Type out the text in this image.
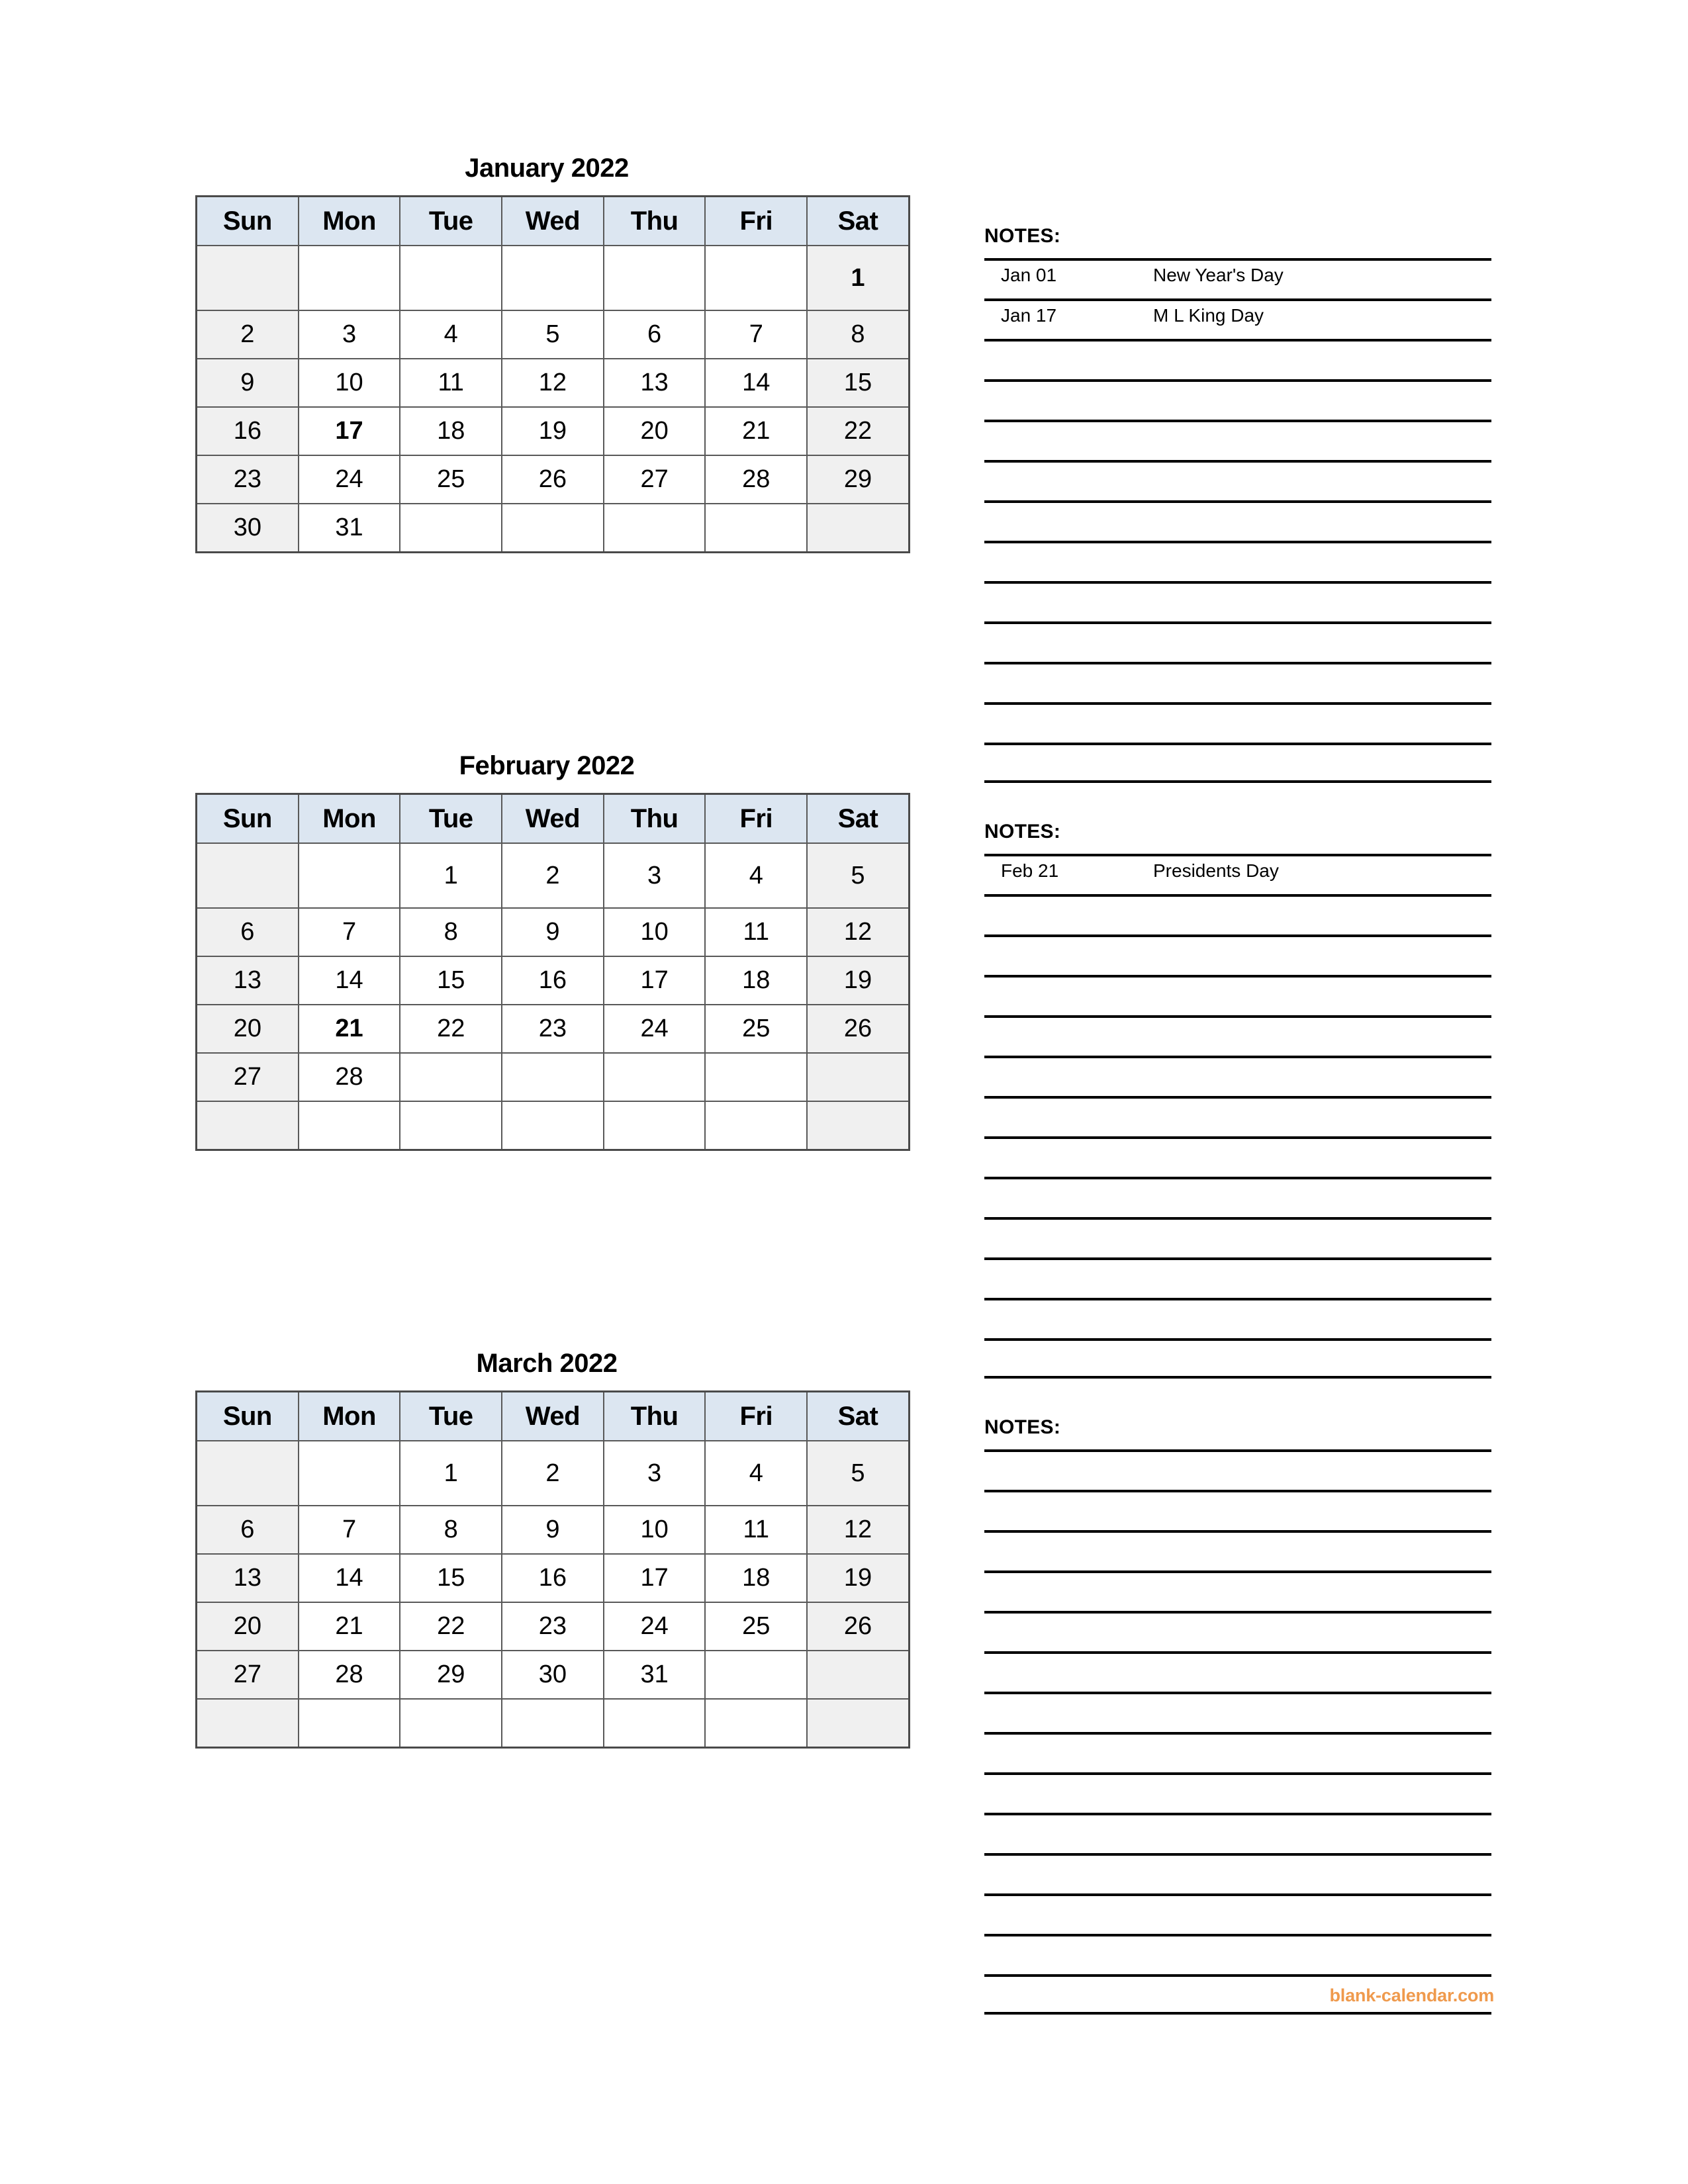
January 2022
Sun	Mon	Tue	Wed	Thu	Fri	Sat
						1
2	3	4	5	6	7	8
9	10	11	12	13	14	15
16	17	18	19	20	21	22
23	24	25	26	27	28	29
30	31					
February 2022
Sun	Mon	Tue	Wed	Thu	Fri	Sat
		1	2	3	4	5
6	7	8	9	10	11	12
13	14	15	16	17	18	19
20	21	22	23	24	25	26
27	28					

March 2022
Sun	Mon	Tue	Wed	Thu	Fri	Sat
		1	2	3	4	5
6	7	8	9	10	11	12
13	14	15	16	17	18	19
20	21	22	23	24	25	26
27	28	29	30	31		

NOTES:
Jan 01	New Year's Day
Jan 17	M L King Day
NOTES:
Feb 21	Presidents Day
NOTES:
blank-calendar.com
